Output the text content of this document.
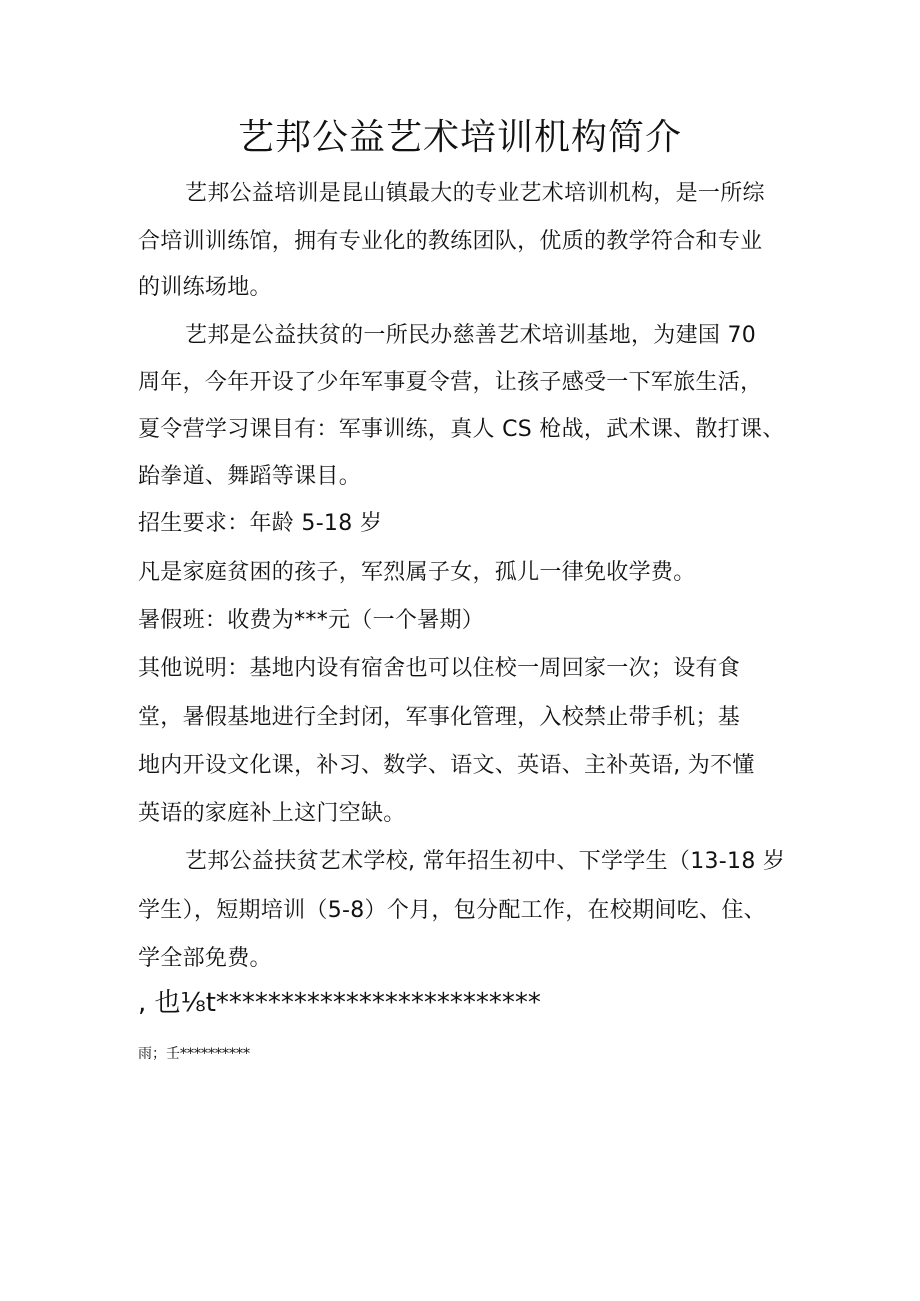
艺邦公益艺术培训机构简介
艺邦公益培训是昆山镇最大的专业艺术培训机构，是一所综
合培训训练馆，拥有专业化的教练团队，优质的教学符合和专业
的训练场地。
艺邦是公益扶贫的一所民办慈善艺术培训基地，为建国 70
周年，今年开设了少年军事夏令营，让孩子感受一下军旅生活，
夏令营学习课目有：军事训练，真人 CS 枪战，武术课、散打课、
跆拳道、舞蹈等课目。
招生要求：年龄 5-18 岁
凡是家庭贫困的孩子，军烈属子女，孤儿一律免收学费。
暑假班：收费为***元（一个暑期）
其他说明：基地内设有宿舍也可以住校一周回家一次；设有食
堂，暑假基地进行全封闭，军事化管理，入校禁止带手机；基
地内开设文化课，补习、数学、语文、英语、主补英语, 为不懂
英语的家庭补上这门空缺。
艺邦公益扶贫艺术学校, 常年招生初中、下学学生（13-18 岁
学生），短期培训（5-8）个月，包分配工作，在校期间吃、住、
学全部免费。
, 也⅛t*************************
雨；壬**********
